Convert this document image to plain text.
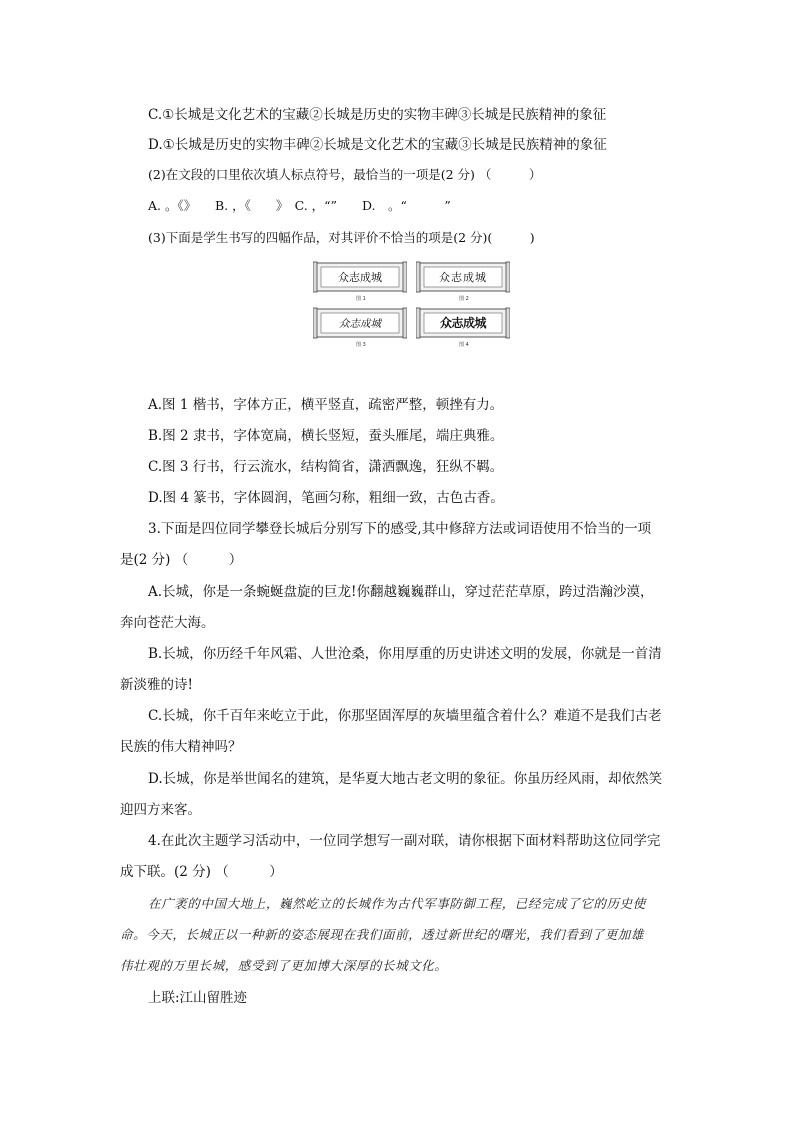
C.①长城是文化艺术的宝藏②长城是历史的实物丰碑③长城是民族精神的象征
D.①长城是历史的实物丰碑②长城是文化艺术的宝藏③长城是民族精神的象征
(2)在文段的口里依次填人标点符号，最恰当的一项是(2 分) （　　　）
A. 。《》　　B. ，《　　》　C. ，“”　　D.　。“　　　”
(3)下面是学生书写的四幅作品，对其评价不恰当的项是(2 分)(　　　)
众志成城
图 1
众志成城
图 2
众志成城
图 3
众志成城
图 4
A.图 1 楷书，字体方正，横平竖直，疏密严整，顿挫有力。
B.图 2 隶书，字体宽扁，横长竖短，蚕头雁尾，端庄典雅。
C.图 3 行书，行云流水，结构简省，潇洒飘逸，狂纵不羁。
D.图 4 篆书，字体圆润，笔画匀称，粗细一致，古色古香。
3.下面是四位同学攀登长城后分别写下的感受,其中修辞方法或词语使用不恰当的一项
是(2 分) （　　　）
A.长城，你是一条蜿蜒盘旋的巨龙!你翻越巍巍群山，穿过茫茫草原，跨过浩瀚沙漠，
奔向苍茫大海。
B.长城，你历经千年风霜、人世沧桑，你用厚重的历史讲述文明的发展，你就是一首清
新淡雅的诗!
C.长城，你千百年来屹立于此，你那坚固浑厚的灰墙里蕴含着什么？难道不是我们古老
民族的伟大精神吗？
D.长城，你是举世闻名的建筑，是华夏大地古老文明的象征。你虽历经风雨，却依然笑
迎四方来客。
4.在此次主题学习活动中，一位同学想写一副对联，请你根据下面材料帮助这位同学完
成下联。(2 分) （　　　）
在广袤的中国大地上，巍然屹立的长城作为古代军事防御工程，已经完成了它的历史使
命。今天，长城正以一种新的姿态展现在我们面前，透过新世纪的曙光，我们看到了更加雄
伟壮观的万里长城，感受到了更加博大深厚的长城文化。
上联:江山留胜迹
